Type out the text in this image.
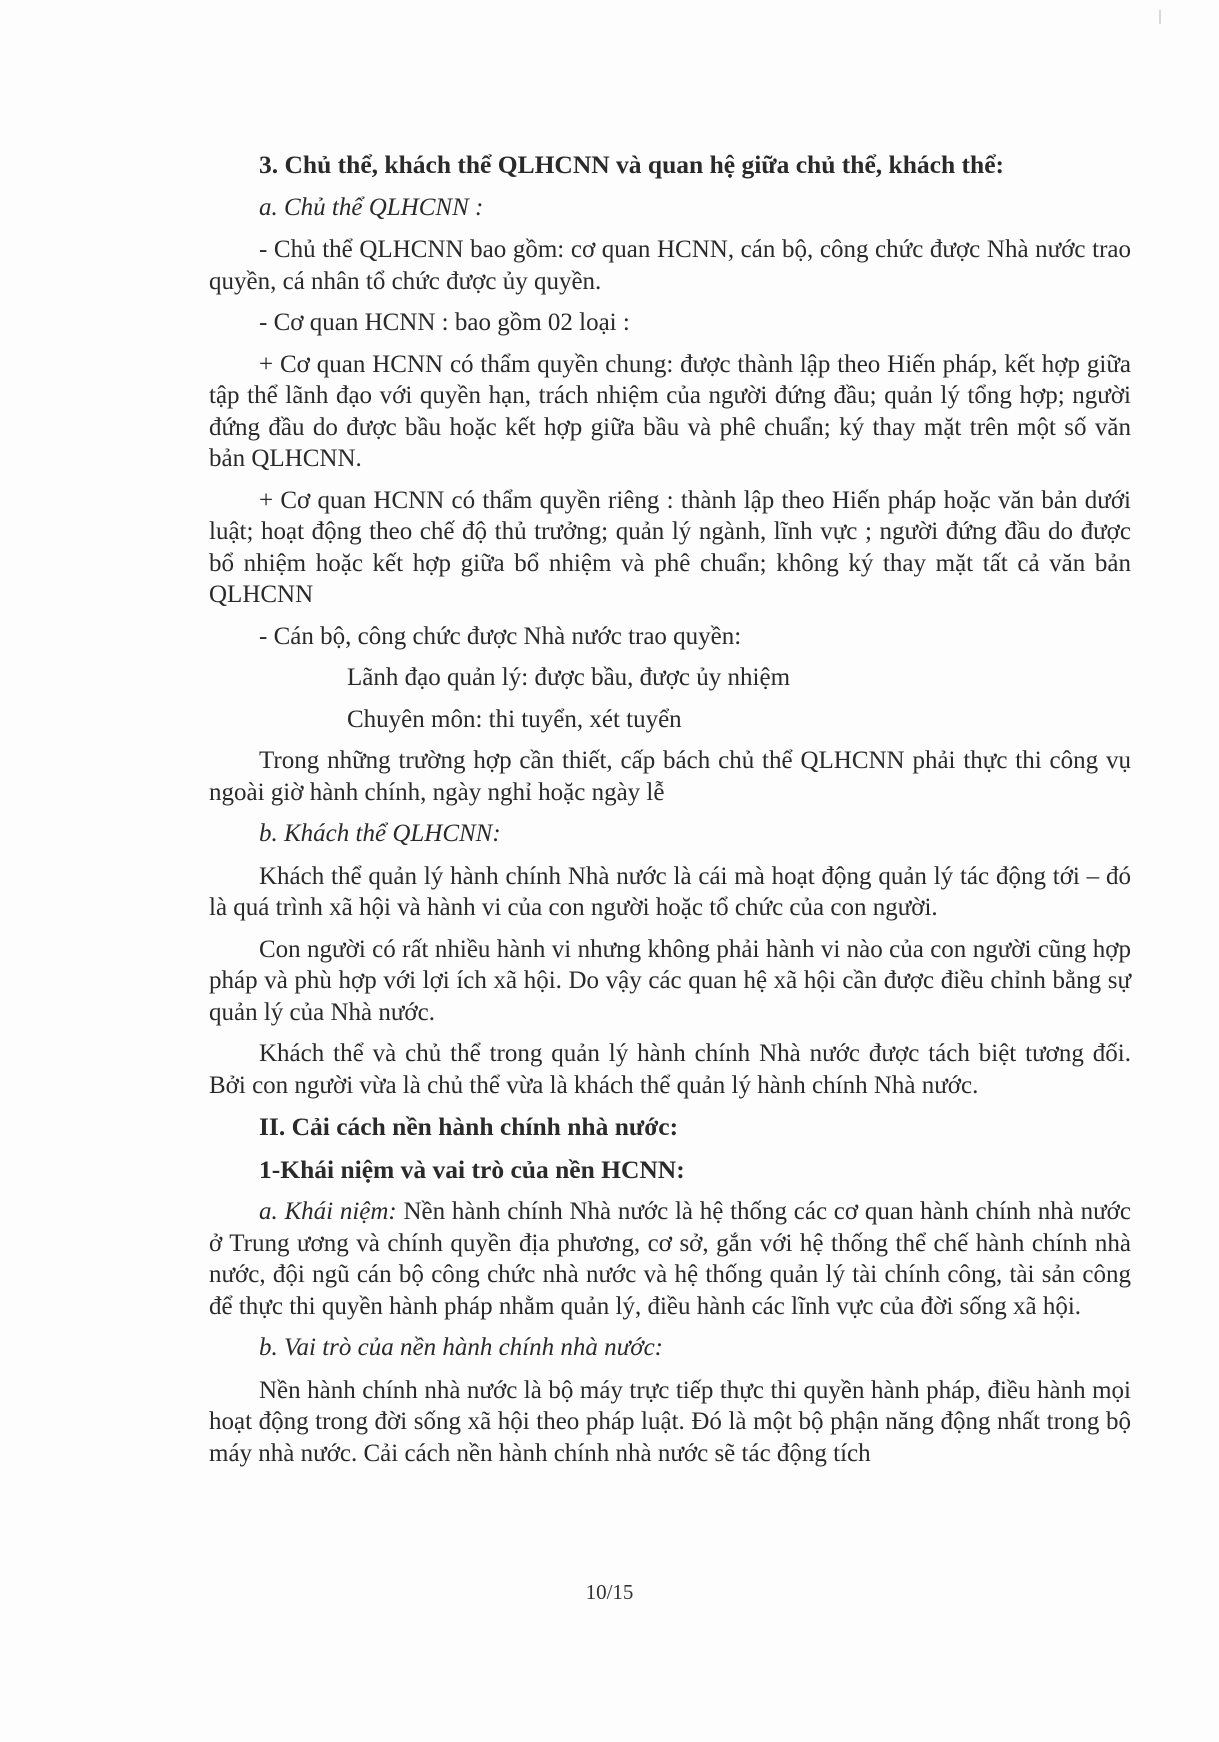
3. Chủ thể, khách thể QLHCNN và quan hệ giữa chủ thể, khách thể:

a. Chủ thể QLHCNN :

- Chủ thể QLHCNN bao gồm: cơ quan HCNN, cán bộ, công chức được Nhà nước trao quyền, cá nhân tổ chức được ủy quyền.

- Cơ quan HCNN : bao gồm 02 loại :

+ Cơ quan HCNN có thẩm quyền chung: được thành lập theo Hiến pháp, kết hợp giữa tập thể lãnh đạo với quyền hạn, trách nhiệm của người đứng đầu; quản lý tổng hợp; người đứng đầu do được bầu hoặc kết hợp giữa bầu và phê chuẩn; ký thay mặt trên một số văn bản QLHCNN.

+ Cơ quan HCNN có thẩm quyền riêng : thành lập theo Hiến pháp hoặc văn bản dưới luật; hoạt động theo chế độ thủ trưởng; quản lý ngành, lĩnh vực ; người đứng đầu do được bổ nhiệm hoặc kết hợp giữa bổ nhiệm và phê chuẩn; không ký thay mặt tất cả văn bản QLHCNN

- Cán bộ, công chức được Nhà nước trao quyền:

Lãnh đạo quản lý: được bầu, được ủy nhiệm

Chuyên môn: thi tuyển, xét tuyển

Trong những trường hợp cần thiết, cấp bách chủ thể QLHCNN phải thực thi công vụ ngoài giờ hành chính, ngày nghỉ hoặc ngày lễ

b. Khách thể QLHCNN:

Khách thể quản lý hành chính Nhà nước là cái mà hoạt động quản lý tác động tới – đó là quá trình xã hội và hành vi của con người hoặc tổ chức của con người.

Con người có rất nhiều hành vi nhưng không phải hành vi nào của con người cũng hợp pháp và phù hợp với lợi ích xã hội. Do vậy các quan hệ xã hội cần được điều chỉnh bằng sự quản lý của Nhà nước.

Khách thể và chủ thể trong quản lý hành chính Nhà nước được tách biệt tương đối. Bởi con người vừa là chủ thể vừa là khách thể quản lý hành chính Nhà nước.

II. Cải cách nền hành chính nhà nước:

1-Khái niệm và vai trò của nền HCNN:

a. Khái niệm: Nền hành chính Nhà nước là hệ thống các cơ quan hành chính nhà nước ở Trung ương và chính quyền địa phương, cơ sở, gắn với hệ thống thể chế hành chính nhà nước, đội ngũ cán bộ công chức nhà nước và hệ thống quản lý tài chính công, tài sản công để thực thi quyền hành pháp nhằm quản lý, điều hành các lĩnh vực của đời sống xã hội.

b. Vai trò của nền hành chính nhà nước:

Nền hành chính nhà nước là bộ máy trực tiếp thực thi quyền hành pháp, điều hành mọi hoạt động trong đời sống xã hội theo pháp luật. Đó là một bộ phận năng động nhất trong bộ máy nhà nước. Cải cách nền hành chính nhà nước sẽ tác động tích

10/15
